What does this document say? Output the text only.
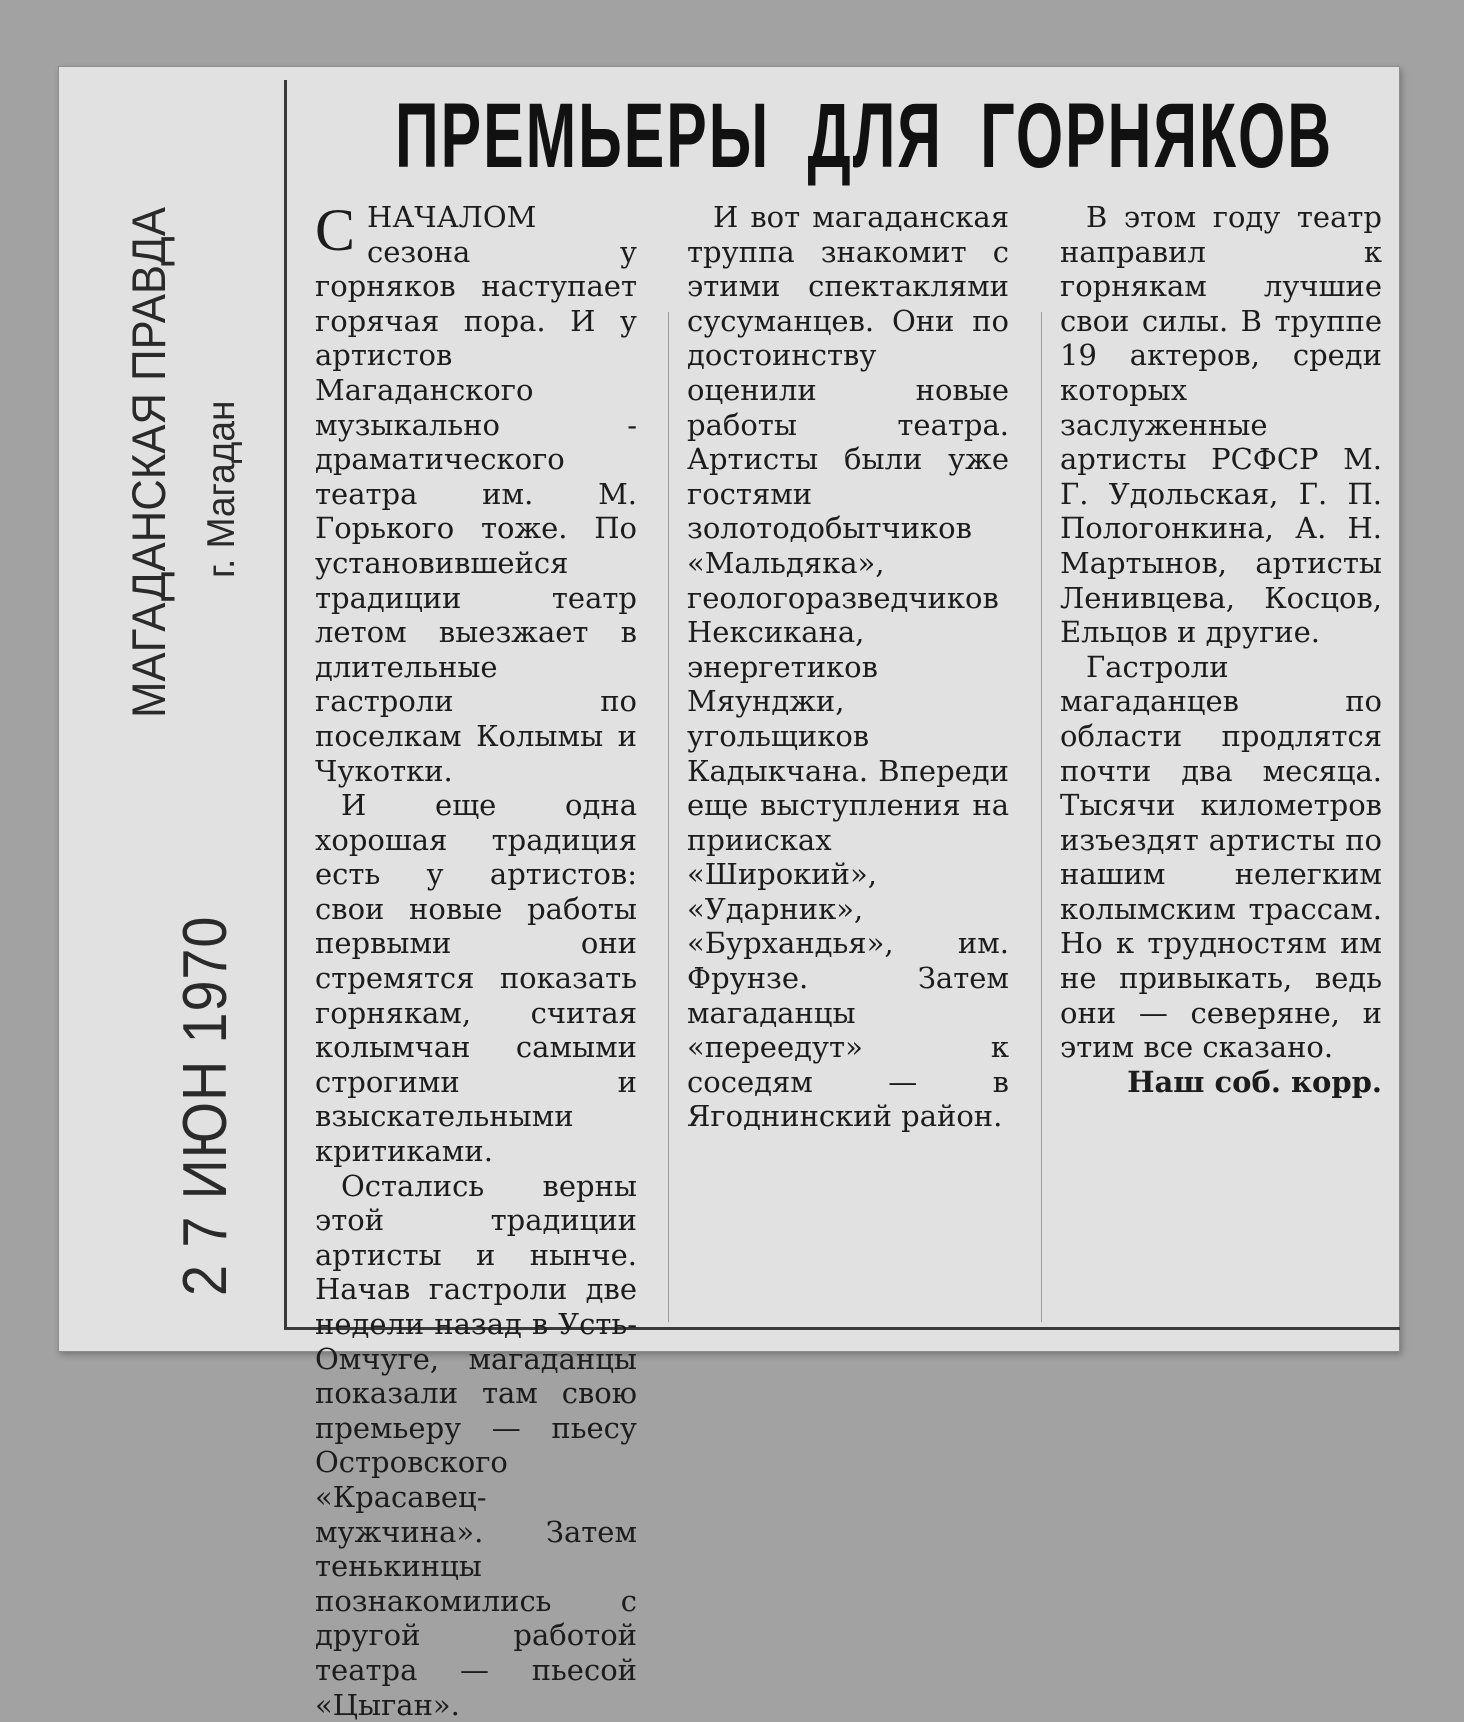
МАГАДАНСКАЯ ПРАВДА г. Магадан
2 7 ИЮН 1970
ПРЕМЬЕРЫ ДЛЯ ГОРНЯКОВ

СНАЧАЛОМ сезона у горняков наступает горячая пора. И у артистов Магаданского музыкально - драматического театра им. М. Горького тоже. По установившейся традиции театр летом выезжает в длительные гастроли по поселкам Колымы и Чукотки.

И еще одна хорошая традиция есть у артистов: свои новые работы первыми они стремятся показать горнякам, считая колымчан самыми строгими и взыскательными критиками.

Остались верны этой традиции артисты и нынче. Начав гастроли две недели назад в Усть-Омчуге, магаданцы показали там свою премьеру — пьесу Островского «Красавец-мужчина». Затем тенькинцы познакомились с другой работой театра — пьесой «Цыган».

И вот магаданская труппа знакомит с этими спектаклями сусуманцев. Они по достоинству оценили новые работы театра. Артисты были уже гостями золотодобытчиков «Мальдяка», геологоразведчиков Нексикана, энергетиков Мяунджи, угольщиков Кадыкчана. Впереди еще выступления на приисках «Широкий», «Ударник», «Бурхандья», им. Фрунзе. Затем магаданцы «переедут» к соседям — в Ягоднинский район.

В этом году театр направил к горнякам лучшие свои силы. В труппе 19 актеров, среди которых заслуженные артисты РСФСР М. Г. Удольская, Г. П. Пологонкина, А. Н. Мартынов, артисты Ленивцева, Косцов, Ельцов и другие.

Гастроли магаданцев по области продлятся почти два месяца. Тысячи километров изъездят артисты по нашим нелегким колымским трассам. Но к трудностям им не привыкать, ведь они — северяне, и этим все сказано.

Наш соб. корр.
